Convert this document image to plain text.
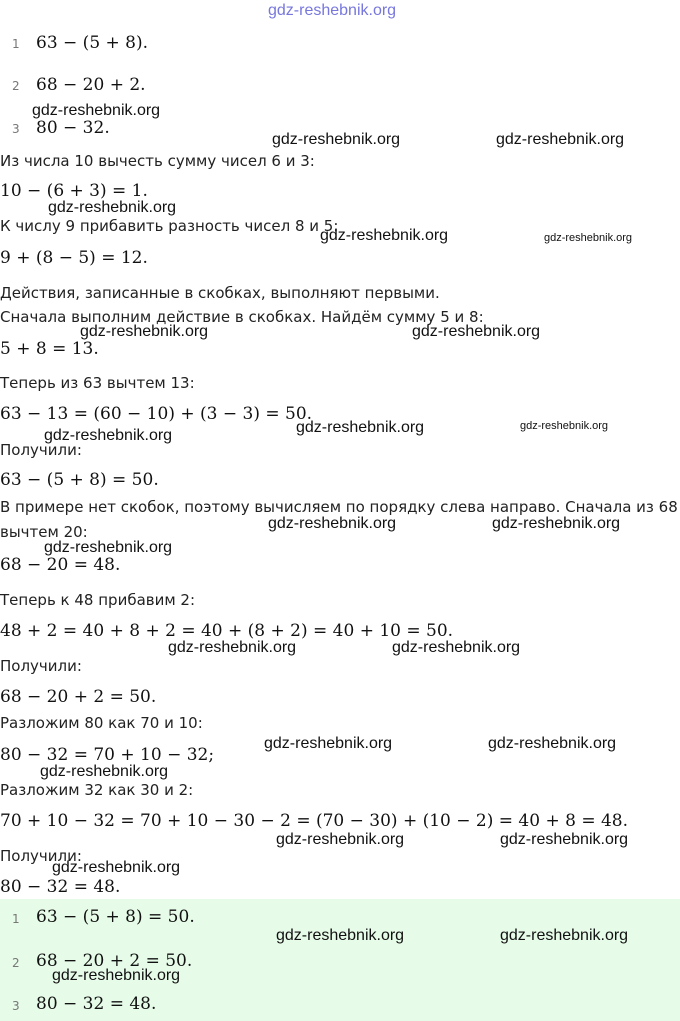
gdz-reshebnik.org
1 63 − (5 + 8).
2 68 − 20 + 2.
3 80 − 32.
Из числа 10 вычесть сумму чисел 6 и 3:
10 − (6 + 3) = 1.
К числу 9 прибавить разность чисел 8 и 5:
9 + (8 − 5) = 12.
Действия, записанные в скобках, выполняют первыми.
Сначала выполним действие в скобках. Найдём сумму 5 и 8:
5 + 8 = 13.
Теперь из 63 вычтем 13:
63 − 13 = (60 − 10) + (3 − 3) = 50.
Получили:
63 − (5 + 8) = 50.
В примере нет скобок, поэтому вычисляем по порядку слева направо. Сначала из 68
вычтем 20:
68 − 20 = 48.
Теперь к 48 прибавим 2:
48 + 2 = 40 + 8 + 2 = 40 + (8 + 2) = 40 + 10 = 50.
Получили:
68 − 20 + 2 = 50.
Разложим 80 как 70 и 10:
80 − 32 = 70 + 10 − 32;
Разложим 32 как 30 и 2:
70 + 10 − 32 = 70 + 10 − 30 − 2 = (70 − 30) + (10 − 2) = 40 + 8 = 48.
Получили:
80 − 32 = 48.
1 63 − (5 + 8) = 50.
2 68 − 20 + 2 = 50.
3 80 − 32 = 48.
gdz-reshebnik.org
gdz-reshebnik.org	gdz-reshebnik.org
gdz-reshebnik.org
gdz-reshebnik.org	gdz-reshebnik.org
gdz-reshebnik.org	gdz-reshebnik.org
gdz-reshebnik.org	gdz-reshebnik.org
gdz-reshebnik.org
gdz-reshebnik.org	gdz-reshebnik.org
gdz-reshebnik.org
gdz-reshebnik.org	gdz-reshebnik.org
gdz-reshebnik.org	gdz-reshebnik.org
gdz-reshebnik.org
gdz-reshebnik.org	gdz-reshebnik.org
gdz-reshebnik.org
gdz-reshebnik.org	gdz-reshebnik.org
gdz-reshebnik.org
